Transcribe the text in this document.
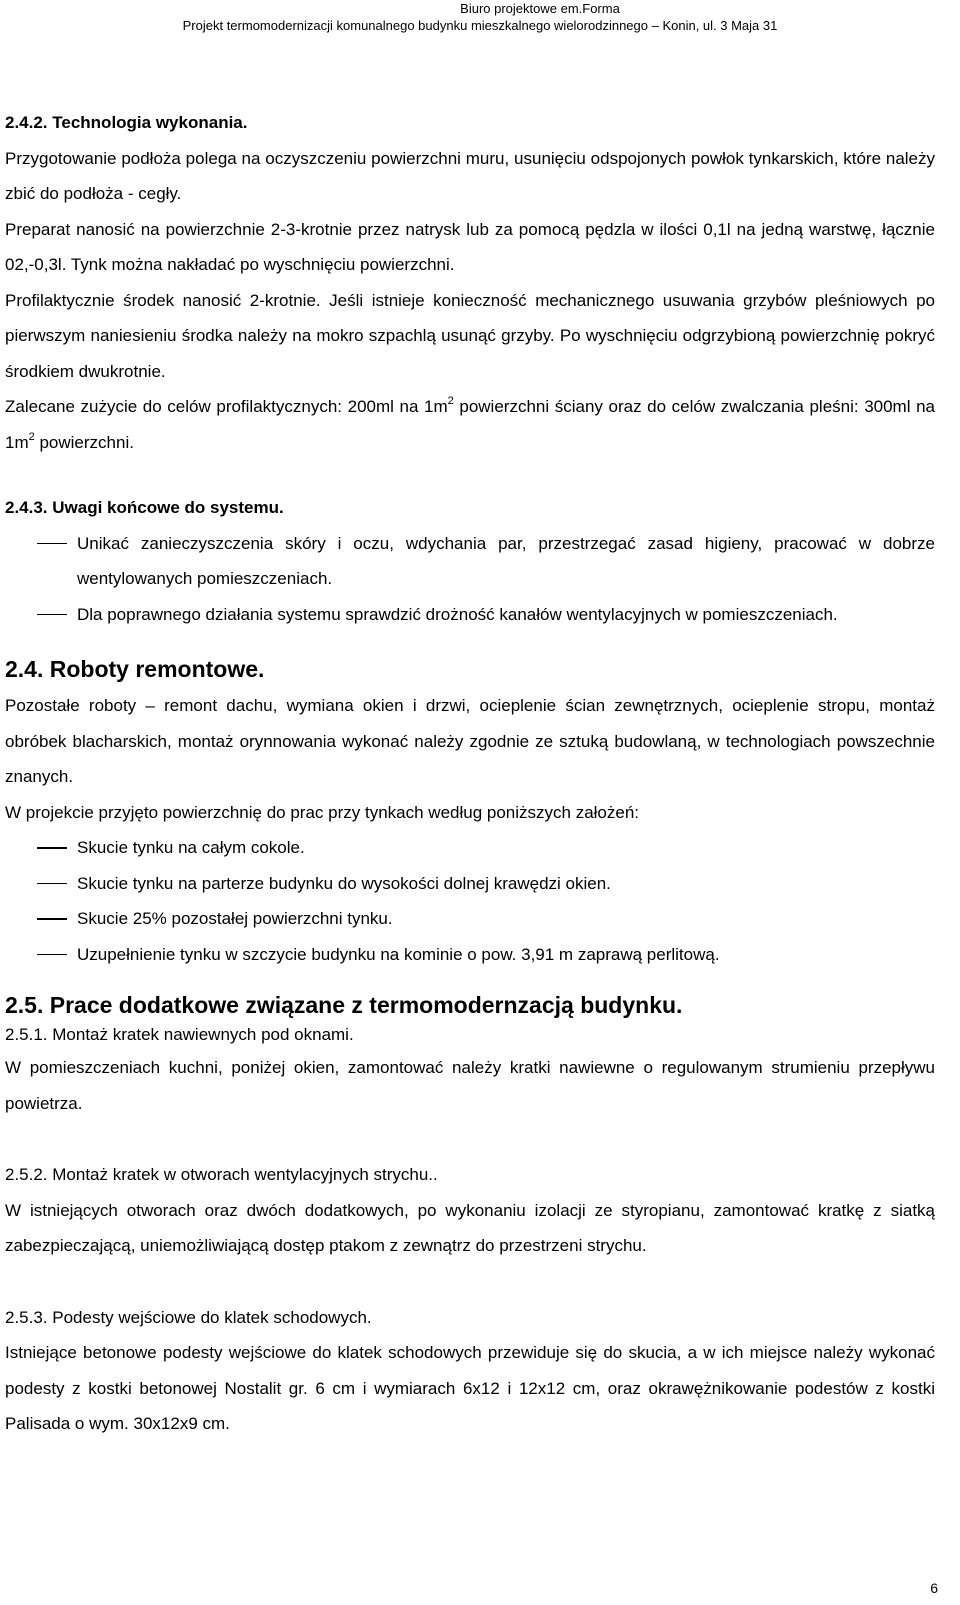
Biuro projektowe em.Forma
Projekt termomodernizacji komunalnego budynku mieszkalnego wielorodzinnego – Konin, ul. 3 Maja 31

2.4.2. Technologia wykonania.

Przygotowanie podłoża polega na oczyszczeniu powierzchni muru, usunięciu odspojonych powłok tynkarskich, które należy zbić do podłoża - cegły.

Preparat nanosić na powierzchnie 2-3-krotnie przez natrysk lub za pomocą pędzla w ilości 0,1l na jedną warstwę, łącznie 02,-0,3l. Tynk można nakładać po wyschnięciu powierzchni.

Profilaktycznie środek nanosić 2-krotnie. Jeśli istnieje konieczność mechanicznego usuwania grzybów pleśniowych po pierwszym naniesieniu środka należy na mokro szpachlą usunąć grzyby. Po wyschnięciu odgrzybioną powierzchnię pokryć środkiem dwukrotnie.

Zalecane zużycie do celów profilaktycznych: 200ml na $1m^2$ powierzchni ściany oraz do celów zwalczania pleśni: 300ml na $1m^2$ powierzchni.

2.4.3. Uwagi końcowe do systemu.

Unikać zanieczyszczenia skóry i oczu, wdychania par, przestrzegać zasad higieny, pracować w dobrze wentylowanych pomieszczeniach.
Dla poprawnego działania systemu sprawdzić drożność kanałów wentylacyjnych w pomieszczeniach.

2.4. Roboty remontowe.

Pozostałe roboty – remont dachu, wymiana okien i drzwi, ocieplenie ścian zewnętrznych, ocieplenie stropu, montaż obróbek blacharskich, montaż orynnowania wykonać należy zgodnie ze sztuką budowlaną, w technologiach powszechnie znanych.

W projekcie przyjęto powierzchnię do prac przy tynkach według poniższych założeń:

Skucie tynku na całym cokole.
Skucie tynku na parterze budynku do wysokości dolnej krawędzi okien.
Skucie 25% pozostałej powierzchni tynku.
Uzupełnienie tynku w szczycie budynku na kominie o pow. 3,91 m zaprawą perlitową.

2.5. Prace dodatkowe związane z termomodernzacją budynku.

2.5.1. Montaż kratek nawiewnych pod oknami.

W pomieszczeniach kuchni, poniżej okien, zamontować należy kratki nawiewne o regulowanym strumieniu przepływu powietrza.

2.5.2. Montaż kratek w otworach wentylacyjnych strychu..

W istniejących otworach oraz dwóch dodatkowych, po wykonaniu izolacji ze styropianu, zamontować kratkę z siatką zabezpieczającą, uniemożliwiającą dostęp ptakom z zewnątrz do przestrzeni strychu.

2.5.3. Podesty wejściowe do klatek schodowych.

Istniejące betonowe podesty wejściowe do klatek schodowych przewiduje się do skucia, a w ich miejsce należy wykonać podesty z kostki betonowej Nostalit gr. 6 cm i wymiarach 6x12 i 12x12 cm, oraz okrawężnikowanie podestów z kostki Palisada o wym. 30x12x9 cm.

6
